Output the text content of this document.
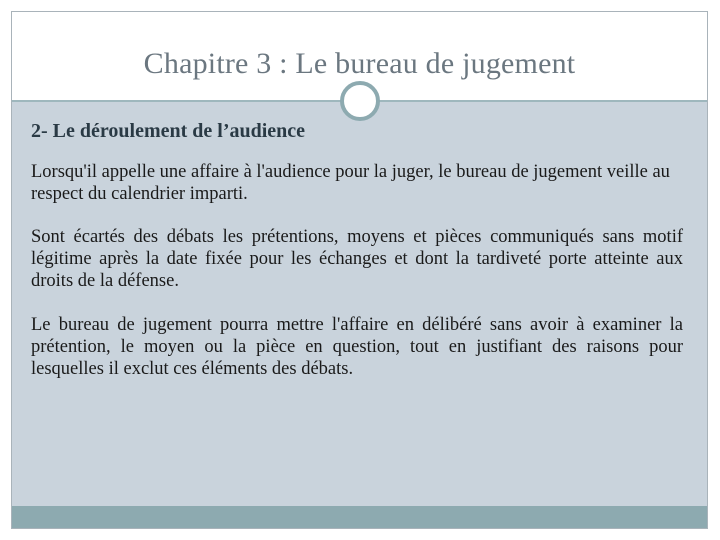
Chapitre 3 : Le bureau de jugement

2- Le déroulement de l’audience

Lorsqu'il appelle une affaire à l'audience pour la juger, le bureau de jugement veille au respect du calendrier imparti.

Sont écartés des débats les prétentions, moyens et pièces communiqués sans motif légitime après la date fixée pour les échanges et dont la tardiveté porte atteinte aux droits de la défense.

Le bureau de jugement pourra mettre l'affaire en délibéré sans avoir à examiner la prétention, le moyen ou la pièce en question, tout en justifiant des raisons pour lesquelles il exclut ces éléments des débats.
